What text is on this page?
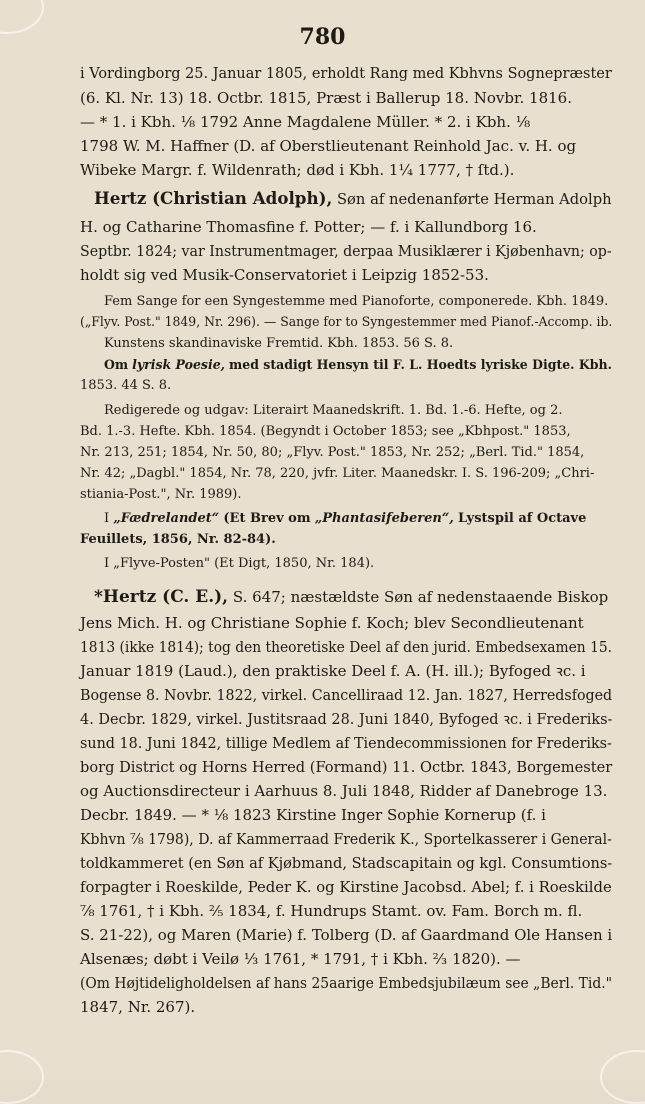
780
i Vordingborg 25. Januar 1805, erholdt Rang med Kbhvns Sognepræster
(6. Kl. Nr. 13) 18. Octbr. 1815, Præst i Ballerup 18. Novbr. 1816.
— * 1. i Kbh. ⅛ 1792 Anne Magdalene Müller. * 2. i Kbh. ⅛
1798 W. M. Haffner (D. af Oberstlieutenant Reinhold Jac. v. H. og
Wibeke Margr. f. Wildenrath; død i Kbh. 1¼ 1777, † ſtd.).
Hertz (Christian Adolph), Søn af nedenanførte Herman Adolph
H. og Catharine Thomasfine f. Potter; — f. i Kallundborg 16.
Septbr. 1824; var Instrumentmager, derpaa Musiklærer i Kjøbenhavn; op-
holdt sig ved Musik-Conservatoriet i Leipzig 1852-53.
Fem Sange for een Syngestemme med Pianoforte, componerede. Kbh. 1849.
(„Flyv. Post." 1849, Nr. 296). — Sange for to Syngestemmer med Pianof.-Accomp. ib.
Kunstens skandinaviske Fremtid. Kbh. 1853. 56 S. 8.
Om lyrisk Poesie, med stadigt Hensyn til F. L. Hoedts lyriske Digte. Kbh.
1853. 44 S. 8.
Redigerede og udgav: Literairt Maanedskrift. 1. Bd. 1.-6. Hefte, og 2.
Bd. 1.-3. Hefte. Kbh. 1854. (Begyndt i October 1853; see „Kbhpost." 1853,
Nr. 213, 251; 1854, Nr. 50, 80; „Flyv. Post." 1853, Nr. 252; „Berl. Tid." 1854,
Nr. 42; „Dagbl." 1854, Nr. 78, 220, jvfr. Liter. Maanedskr. I. S. 196-209; „Chri-
stiania-Post.", Nr. 1989).
I „Fædrelandet“ (Et Brev om „Phantasifeberen“, Lystspil af Octave
Feuillets, 1856, Nr. 82-84).
I „Flyve-Posten" (Et Digt, 1850, Nr. 184).
*Hertz (C. E.), S. 647; næstældste Søn af nedenstaaende Biskop
Jens Mich. H. og Christiane Sophie f. Koch; blev Secondlieutenant
1813 (ikke 1814); tog den theoretiske Deel af den jurid. Embedsexamen 15.
Januar 1819 (Laud.), den praktiske Deel f. A. (H. ill.); Byfoged ꝛc. i
Bogense 8. Novbr. 1822, virkel. Cancelliraad 12. Jan. 1827, Herredsfoged
4. Decbr. 1829, virkel. Justitsraad 28. Juni 1840, Byfoged ꝛc. i Frederiks-
sund 18. Juni 1842, tillige Medlem af Tiendecommissionen for Frederiks-
borg District og Horns Herred (Formand) 11. Octbr. 1843, Borgemester
og Auctionsdirecteur i Aarhuus 8. Juli 1848, Ridder af Danebroge 13.
Decbr. 1849. — * ⅛ 1823 Kirstine Inger Sophie Kornerup (f. i
Kbhvn ⅞ 1798), D. af Kammerraad Frederik K., Sportelkasserer i General-
toldkammeret (en Søn af Kjøbmand, Stadscapitain og kgl. Consumtions-
forpagter i Roeskilde, Peder K. og Kirstine Jacobsd. Abel; f. i Roeskilde
⅞ 1761, † i Kbh. ²⁄₅ 1834, f. Hundrups Stamt. ov. Fam. Borch m. fl.
S. 21-22), og Maren (Marie) f. Tolberg (D. af Gaardmand Ole Hansen i
Alsenæs; døbt i Veilø ⅓ 1761, * 1791, † i Kbh. ²⁄₃ 1820). —
(Om Højtideligholdelsen af hans 25aarige Embedsjubilæum see „Berl. Tid."
1847, Nr. 267).
